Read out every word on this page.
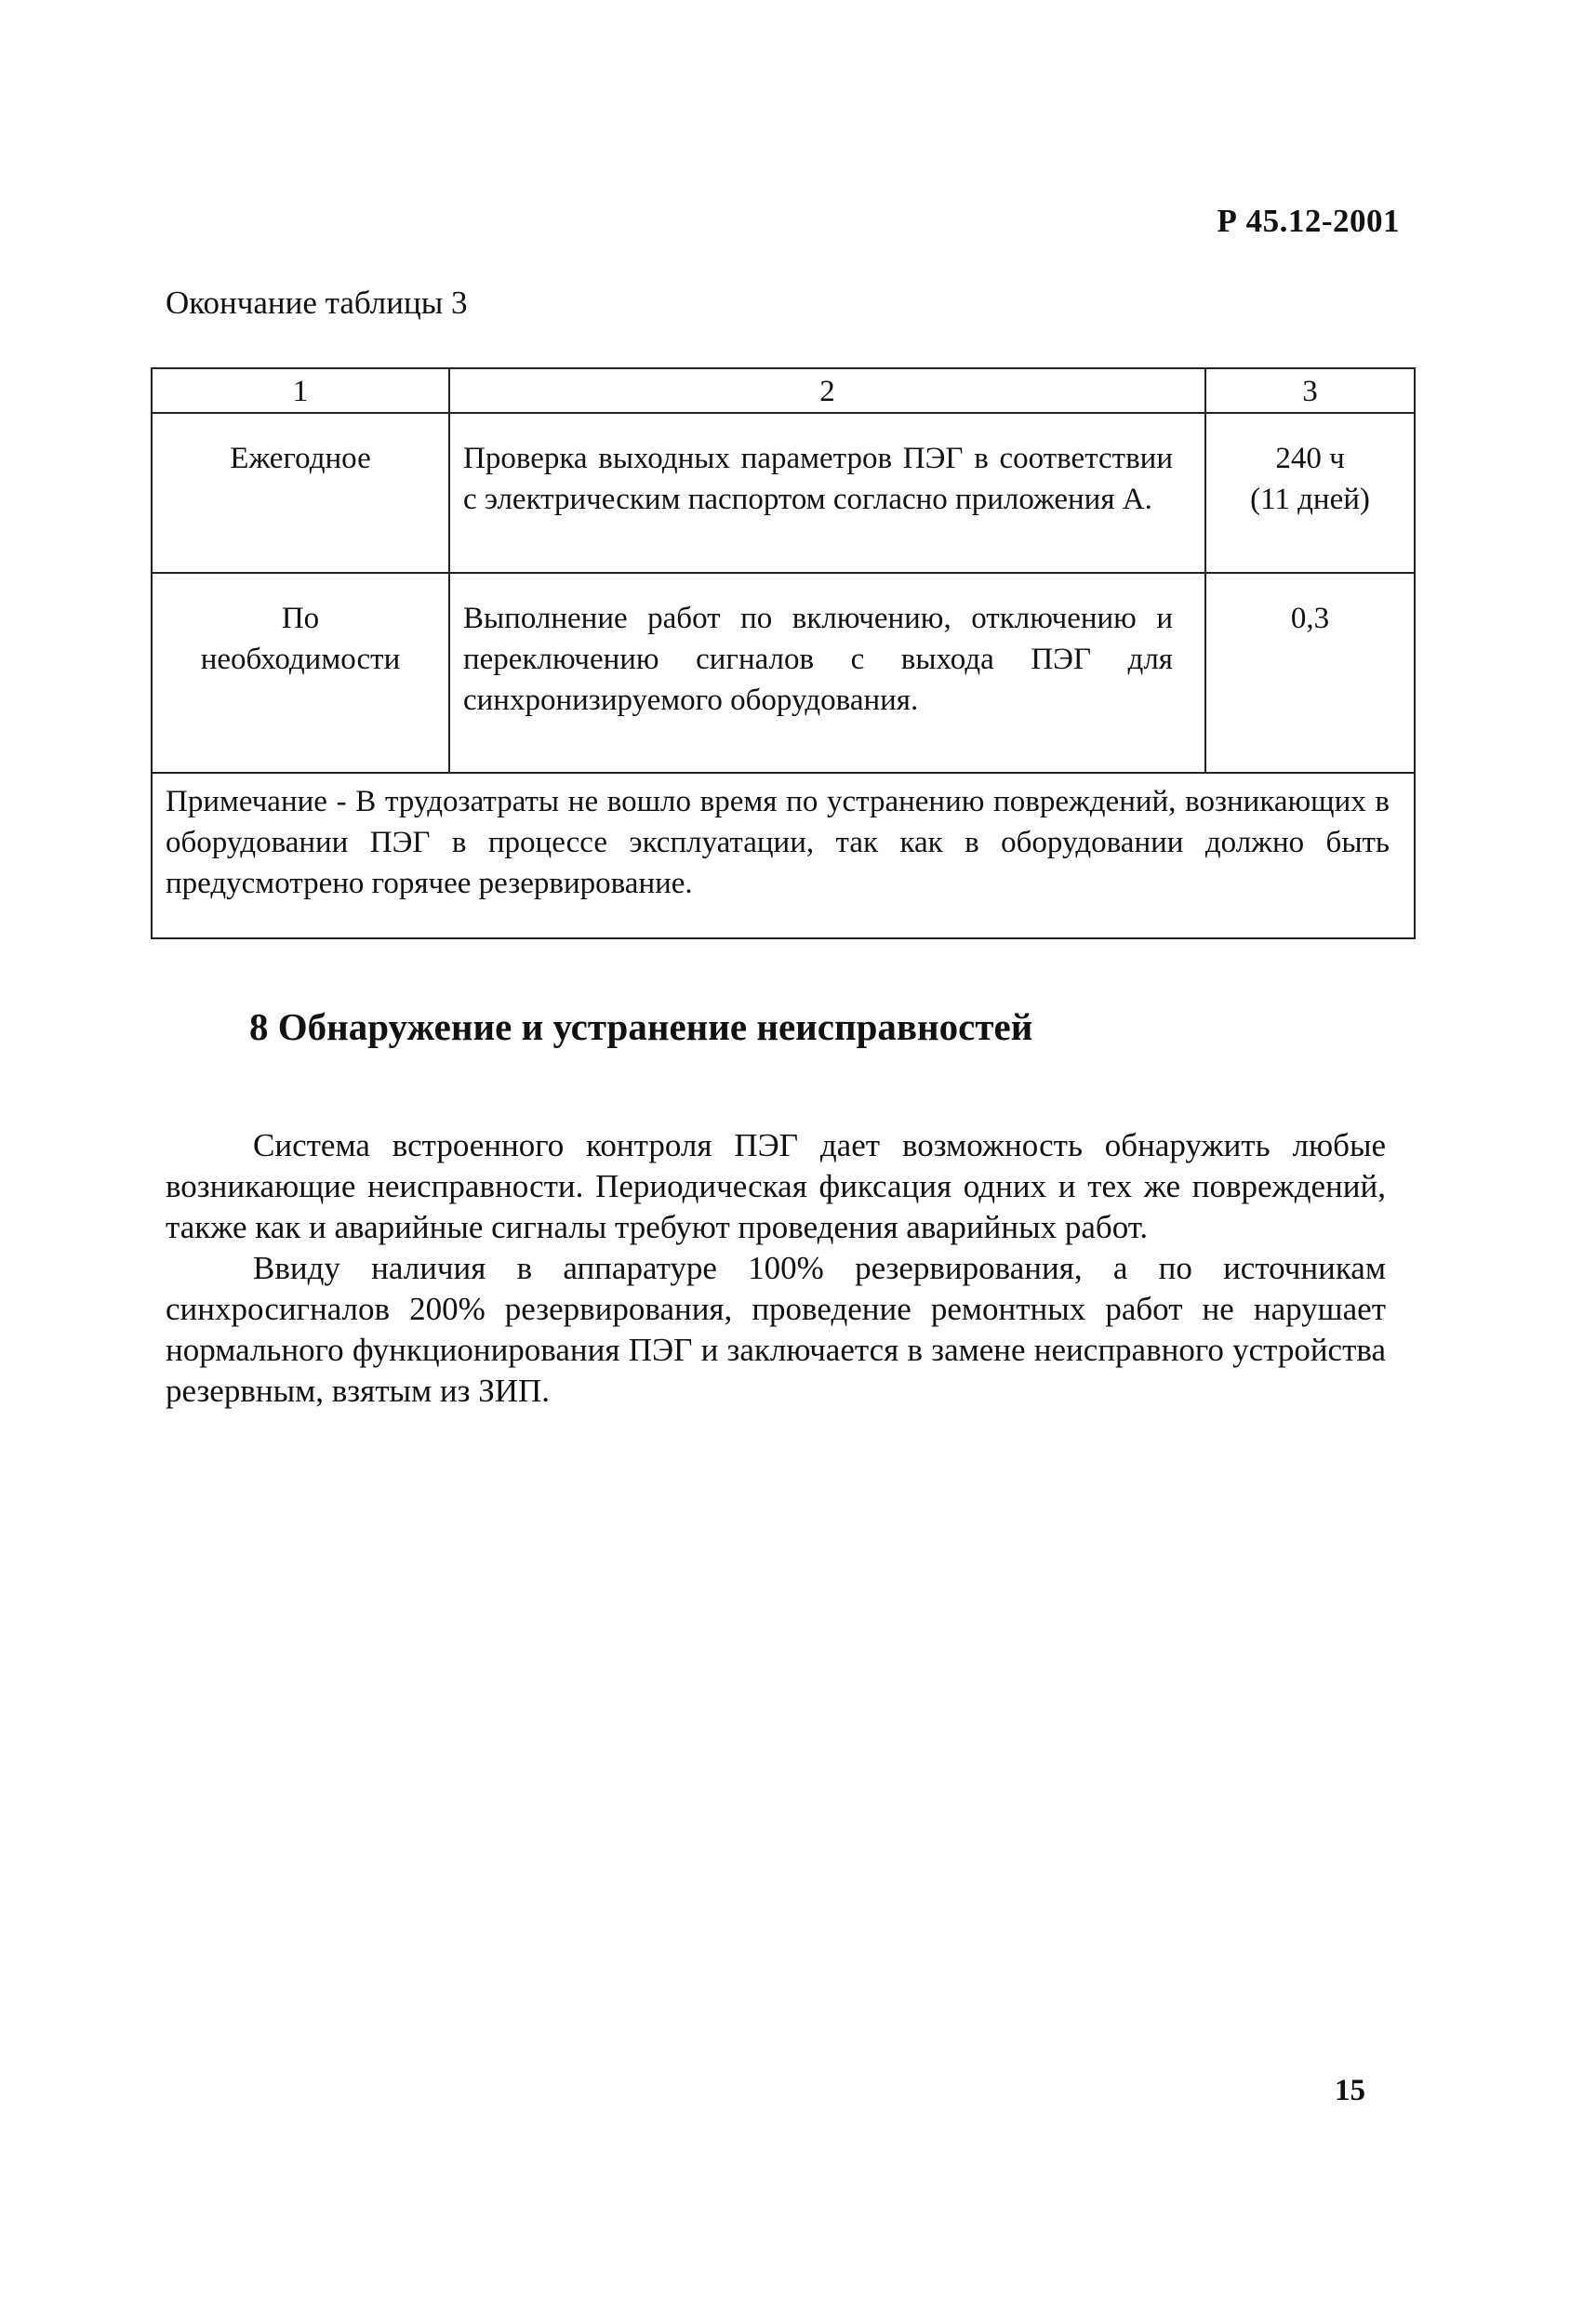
Р 45.12-2001
Окончание таблицы 3
1	2	3
Ежегодное	Проверка выходных параметров ПЭГ в соответствии с электрическим паспортом согласно приложения А.	240 ч
(11 дней)

По
необходимости	Выполнение работ по включению, отключению и переключению сигналов с выхода ПЭГ для синхронизируемого оборудования.	0,3
Примечание - В трудозатраты не вошло время по устранению повреждений, возникающих в оборудовании ПЭГ в процессе эксплуатации, так как в оборудовании должно быть предусмотрено горячее резервирование.		
8 Обнаружение и устранение неисправностей

Система встроенного контроля ПЭГ дает возможность обнаружить любые возникающие неисправности. Периодическая фиксация одних и тех же повреждений, также как и аварийные сигналы требуют проведения аварийных работ.

Ввиду наличия в аппаратуре 100% резервирования, а по источникам синхросигналов 200% резервирования, проведение ремонтных работ не нарушает нормального функционирования ПЭГ и заключается в замене неисправного устройства резервным, взятым из ЗИП.

15
